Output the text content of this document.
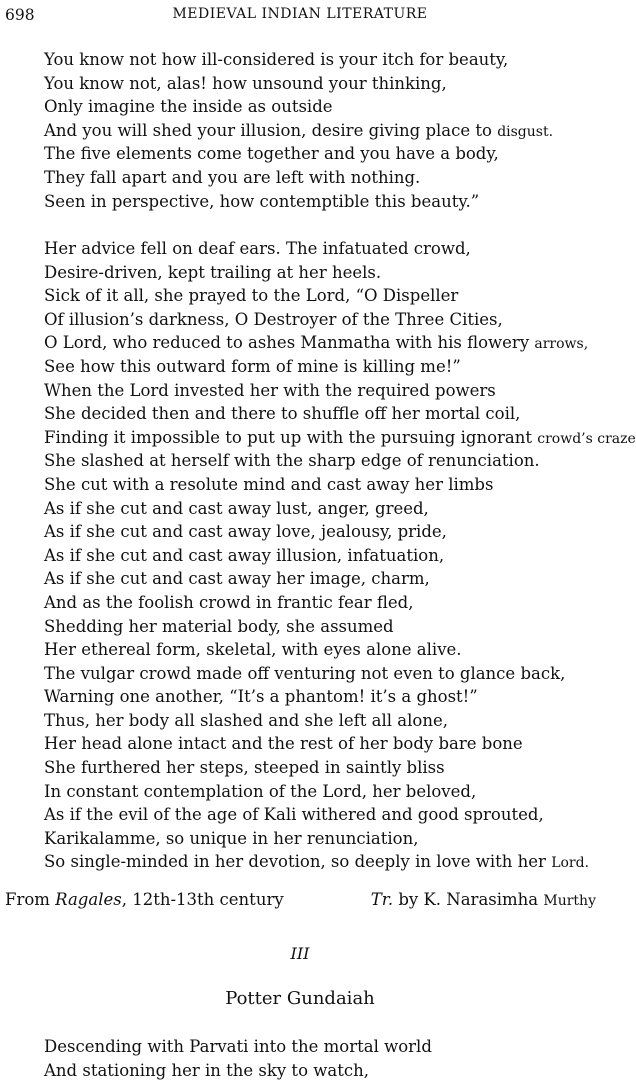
698	MEDIEVAL INDIAN LITERATURE
You know not how ill-considered is your itch for beauty,
You know not, alas! how unsound your thinking,
Only imagine the inside as outside
And you will shed your illusion, desire giving place to disgust.
The five elements come together and you have a body,
They fall apart and you are left with nothing.
Seen in perspective, how contemptible this beauty.”
Her advice fell on deaf ears. The infatuated crowd,
Desire-driven, kept trailing at her heels.
Sick of it all, she prayed to the Lord, “O Dispeller
Of illusion’s darkness, O Destroyer of the Three Cities,
O Lord, who reduced to ashes Manmatha with his flowery arrows,
See how this outward form of mine is killing me!”
When the Lord invested her with the required powers
She decided then and there to shuffle off her mortal coil,
Finding it impossible to put up with the pursuing ignorant crowd’s craze
She slashed at herself with the sharp edge of renunciation.
She cut with a resolute mind and cast away her limbs
As if she cut and cast away lust, anger, greed,
As if she cut and cast away love, jealousy, pride,
As if she cut and cast away illusion, infatuation,
As if she cut and cast away her image, charm,
And as the foolish crowd in frantic fear fled,
Shedding her material body, she assumed
Her ethereal form, skeletal, with eyes alone alive.
The vulgar crowd made off venturing not even to glance back,
Warning one another, “It’s a phantom! it’s a ghost!”
Thus, her body all slashed and she left all alone,
Her head alone intact and the rest of her body bare bone
She furthered her steps, steeped in saintly bliss
In constant contemplation of the Lord, her beloved,
As if the evil of the age of Kali withered and good sprouted,
Karikalamme, so unique in her renunciation,
So single-minded in her devotion, so deeply in love with her Lord.
From Ragales, 12th-13th century	Tr. by K. Narasimha Murthy
III
Potter Gundaiah
Descending with Parvati into the mortal world
And stationing her in the sky to watch,
